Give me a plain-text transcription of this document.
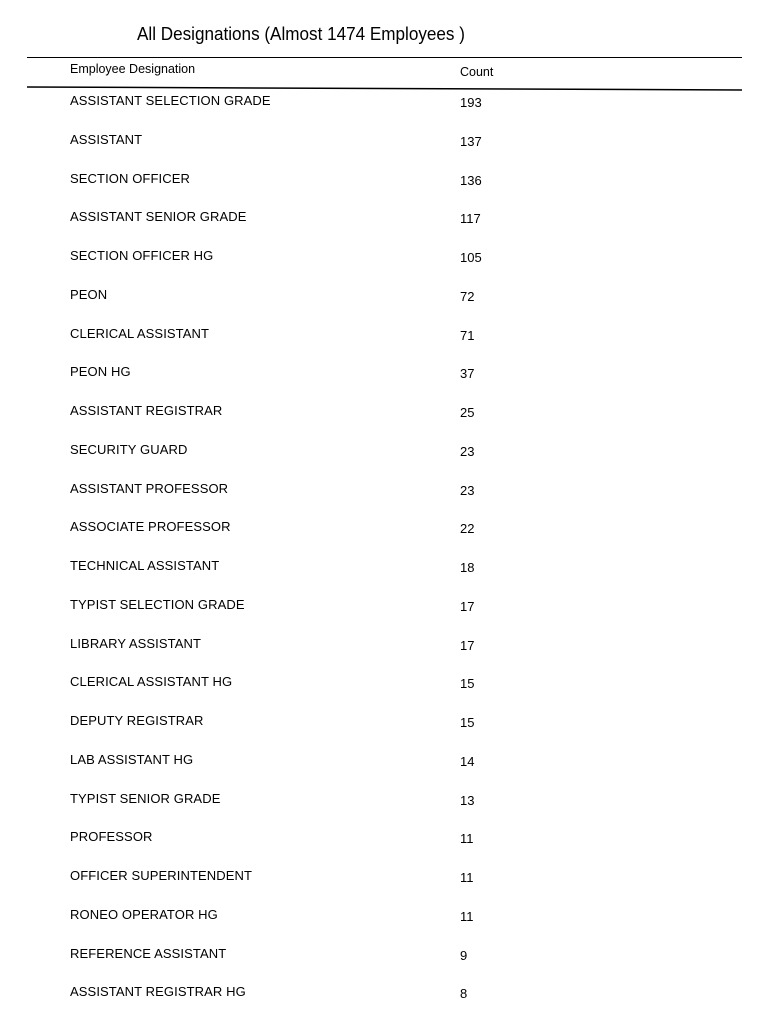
All Designations (Almost 1474 Employees )
Employee Designation	Count
ASSISTANT SELECTION GRADE	193
ASSISTANT	137
SECTION OFFICER	136
ASSISTANT SENIOR GRADE	117
SECTION OFFICER HG	105
PEON	72
CLERICAL ASSISTANT	71
PEON HG	37
ASSISTANT REGISTRAR	25
SECURITY GUARD	23
ASSISTANT PROFESSOR	23
ASSOCIATE PROFESSOR	22
TECHNICAL ASSISTANT	18
TYPIST SELECTION GRADE	17
LIBRARY ASSISTANT	17
CLERICAL ASSISTANT HG	15
DEPUTY REGISTRAR	15
LAB ASSISTANT HG	14
TYPIST SENIOR GRADE	13
PROFESSOR	11
OFFICER SUPERINTENDENT	11
RONEO OPERATOR HG	11
REFERENCE ASSISTANT	9
ASSISTANT REGISTRAR HG	8
